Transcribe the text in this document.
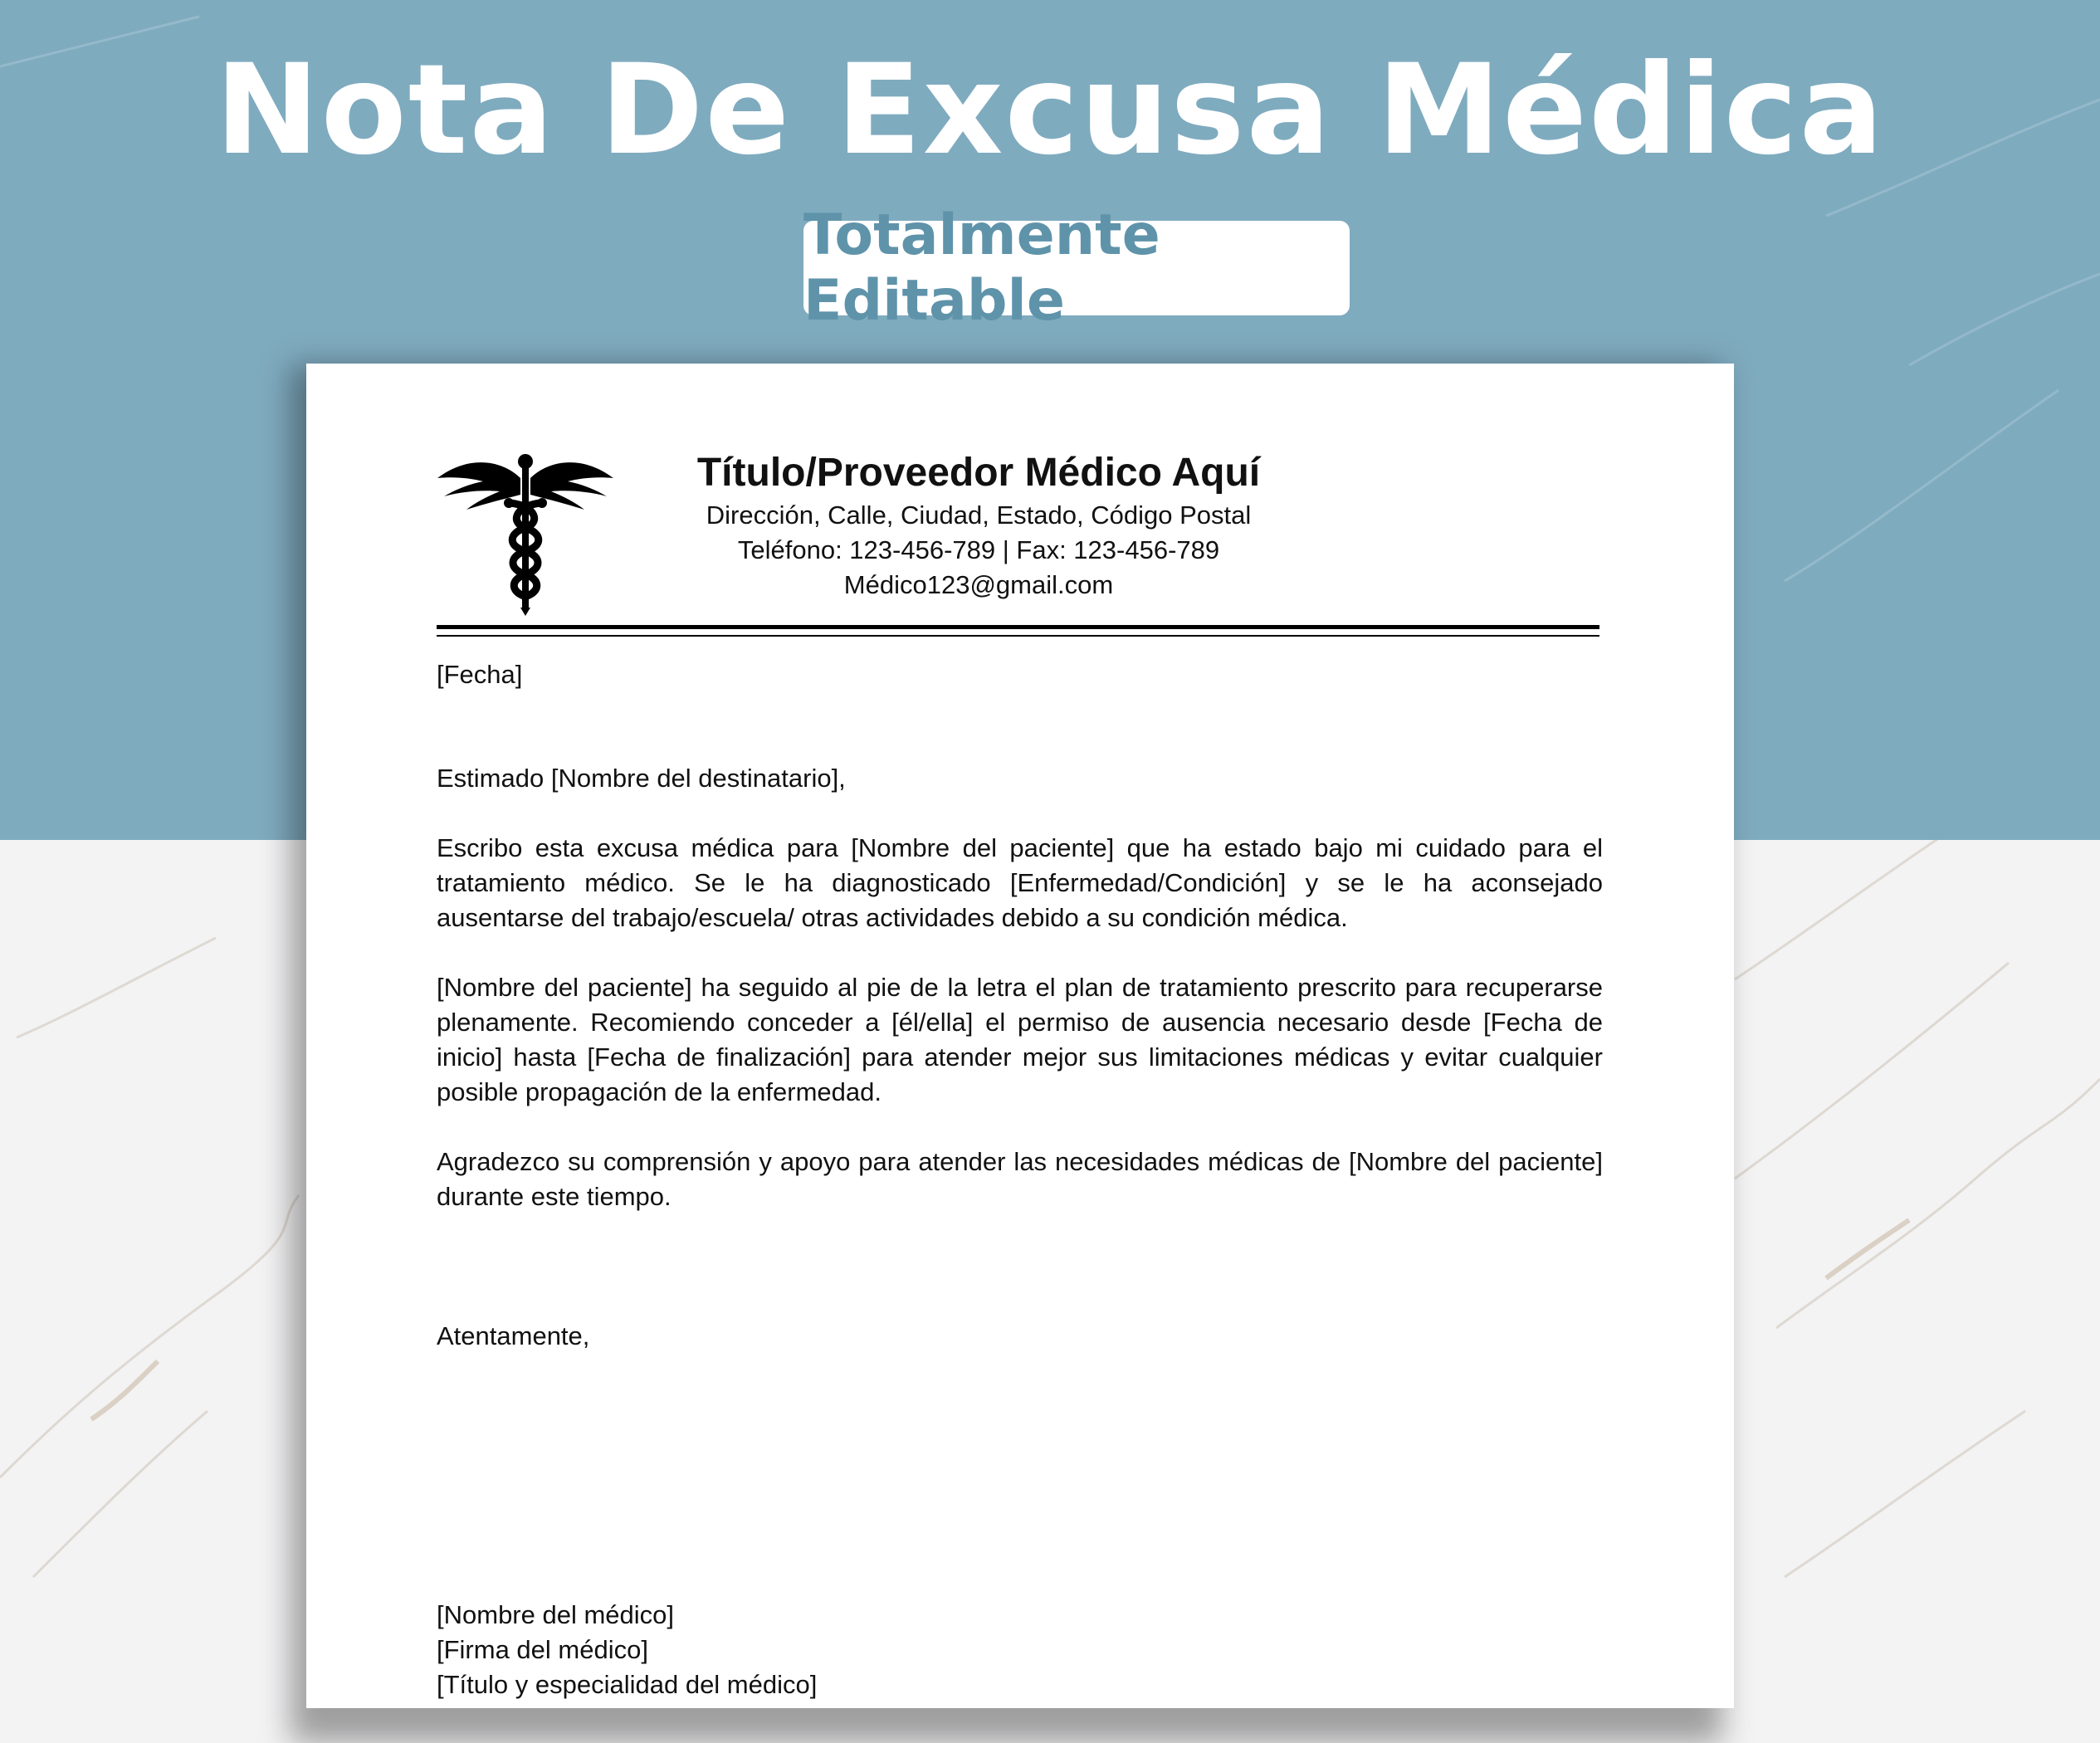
Nota De Excusa Médica
Totalmente Editable
Título/Proveedor Médico Aquí
Dirección, Calle, Ciudad, Estado, Código Postal
Teléfono: 123-456-789 | Fax: 123-456-789
Médico123@gmail.com
[Fecha]
Estimado [Nombre del destinatario],

Escribo esta excusa médica para [Nombre del paciente] que ha estado bajo mi cuidado para el tratamiento médico. Se le ha diagnosticado [Enfermedad/Condición] y se le ha aconsejado ausentarse del trabajo/escuela/ otras actividades debido a su condición médica.

[Nombre del paciente] ha seguido al pie de la letra el plan de tratamiento prescrito para recuperarse plenamente. Recomiendo conceder a [él/ella] el permiso de ausencia necesario desde [Fecha de inicio] hasta [Fecha de finalización] para atender mejor sus limitaciones médicas y evitar cualquier posible propagación de la enfermedad.

Agradezco su comprensión y apoyo para atender las necesidades médicas de [Nombre del paciente] durante este tiempo.

Atentamente,
[Nombre del médico]
[Firma del médico]
[Título y especialidad del médico]
